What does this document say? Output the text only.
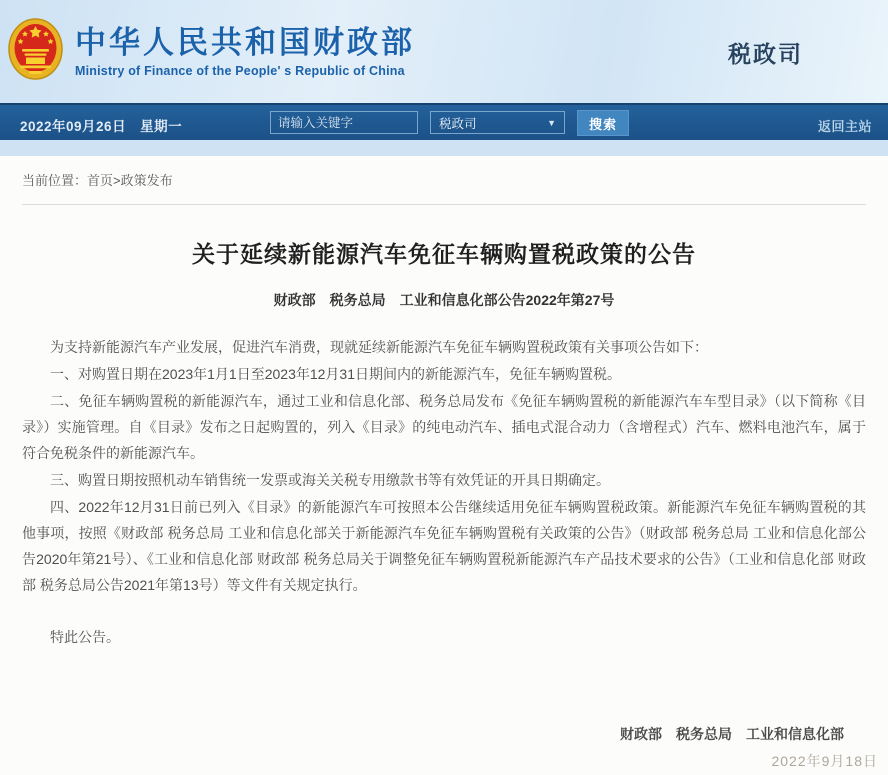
中华人民共和国财政部
Ministry of Finance of the People' s Republic of China
税政司
2022年09月26日　星期一
请输入关键字	税政司	▼	搜索	返回主站
当前位置：首页>政策发布
关于延续新能源汽车免征车辆购置税政策的公告
财政部　税务总局　工业和信息化部公告2022年第27号

为支持新能源汽车产业发展，促进汽车消费，现就延续新能源汽车免征车辆购置税政策有关事项公告如下：

一、对购置日期在2023年1月1日至2023年12月31日期间内的新能源汽车，免征车辆购置税。

二、免征车辆购置税的新能源汽车，通过工业和信息化部、税务总局发布《免征车辆购置税的新能源汽车车型目录》（以下简称《目录》）实施管理。自《目录》发布之日起购置的，列入《目录》的纯电动汽车、插电式混合动力（含增程式）汽车、燃料电池汽车，属于符合免税条件的新能源汽车。

三、购置日期按照机动车销售统一发票或海关关税专用缴款书等有效凭证的开具日期确定。

四、2022年12月31日前已列入《目录》的新能源汽车可按照本公告继续适用免征车辆购置税政策。新能源汽车免征车辆购置税的其他事项，按照《财政部 税务总局 工业和信息化部关于新能源汽车免征车辆购置税有关政策的公告》（财政部 税务总局 工业和信息化部公告2020年第21号）、《工业和信息化部 财政部 税务总局关于调整免征车辆购置税新能源汽车产品技术要求的公告》（工业和信息化部 财政部 税务总局公告2021年第13号）等文件有关规定执行。

特此公告。

财政部　税务总局　工业和信息化部
2022年9月18日
